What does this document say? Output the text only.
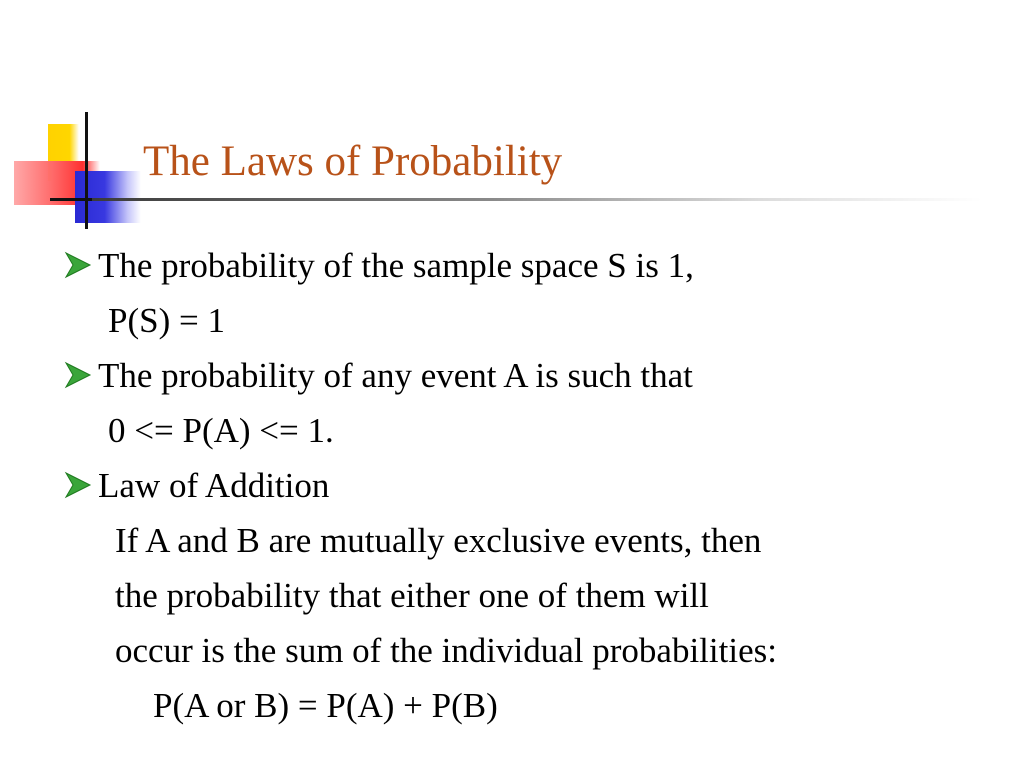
The Laws of Probability
The probability of the sample space S is 1,
P(S) = 1
The probability of any event A is such that
0 <= P(A) <= 1.
Law of Addition
If A and B are mutually exclusive events, then
the probability that either one of them will
occur is the sum of the individual probabilities:
P(A or B) = P(A) + P(B)
